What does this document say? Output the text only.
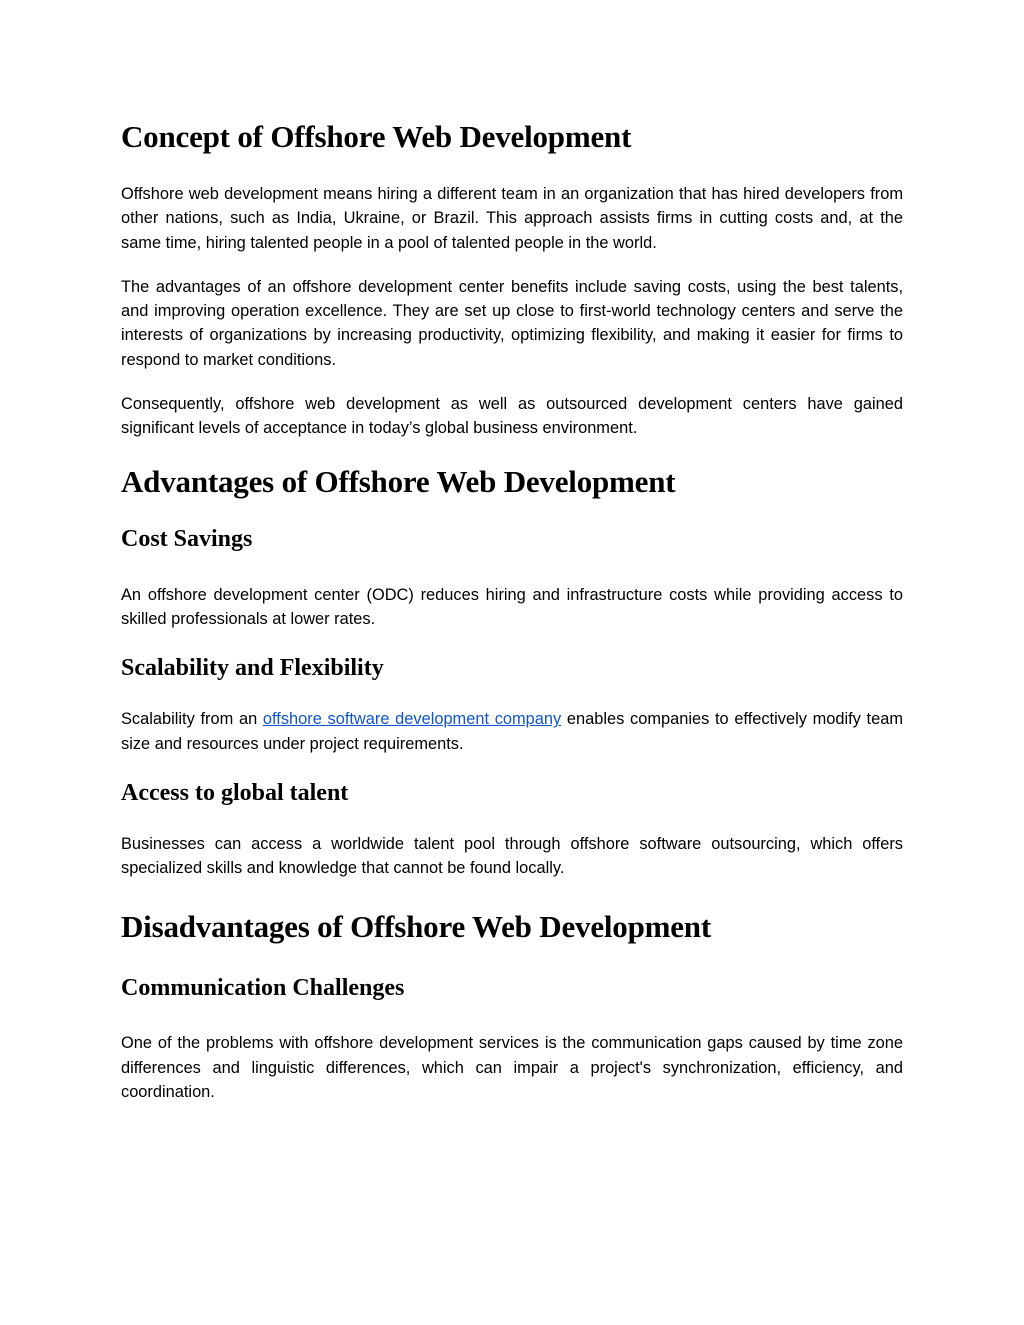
Concept of Offshore Web Development

Offshore web development means hiring a different team in an organization that has hired developers from other nations, such as India, Ukraine, or Brazil. This approach assists firms in cutting costs and, at the same time, hiring talented people in a pool of talented people in the world.

The advantages of an offshore development center benefits include saving costs, using the best talents, and improving operation excellence. They are set up close to first-world technology centers and serve the interests of organizations by increasing productivity, optimizing flexibility, and making it easier for firms to respond to market conditions.

Consequently, offshore web development as well as outsourced development centers have gained significant levels of acceptance in today’s global business environment.

Advantages of Offshore Web Development
Cost Savings

An offshore development center (ODC) reduces hiring and infrastructure costs while providing access to skilled professionals at lower rates.

Scalability and Flexibility

Scalability from an offshore software development company enables companies to effectively modify team size and resources under project requirements.

Access to global talent

Businesses can access a worldwide talent pool through offshore software outsourcing, which offers specialized skills and knowledge that cannot be found locally.

Disadvantages of Offshore Web Development
Communication Challenges

One of the problems with offshore development services is the communication gaps caused by time zone differences and linguistic differences, which can impair a project's synchronization, efficiency, and coordination.
